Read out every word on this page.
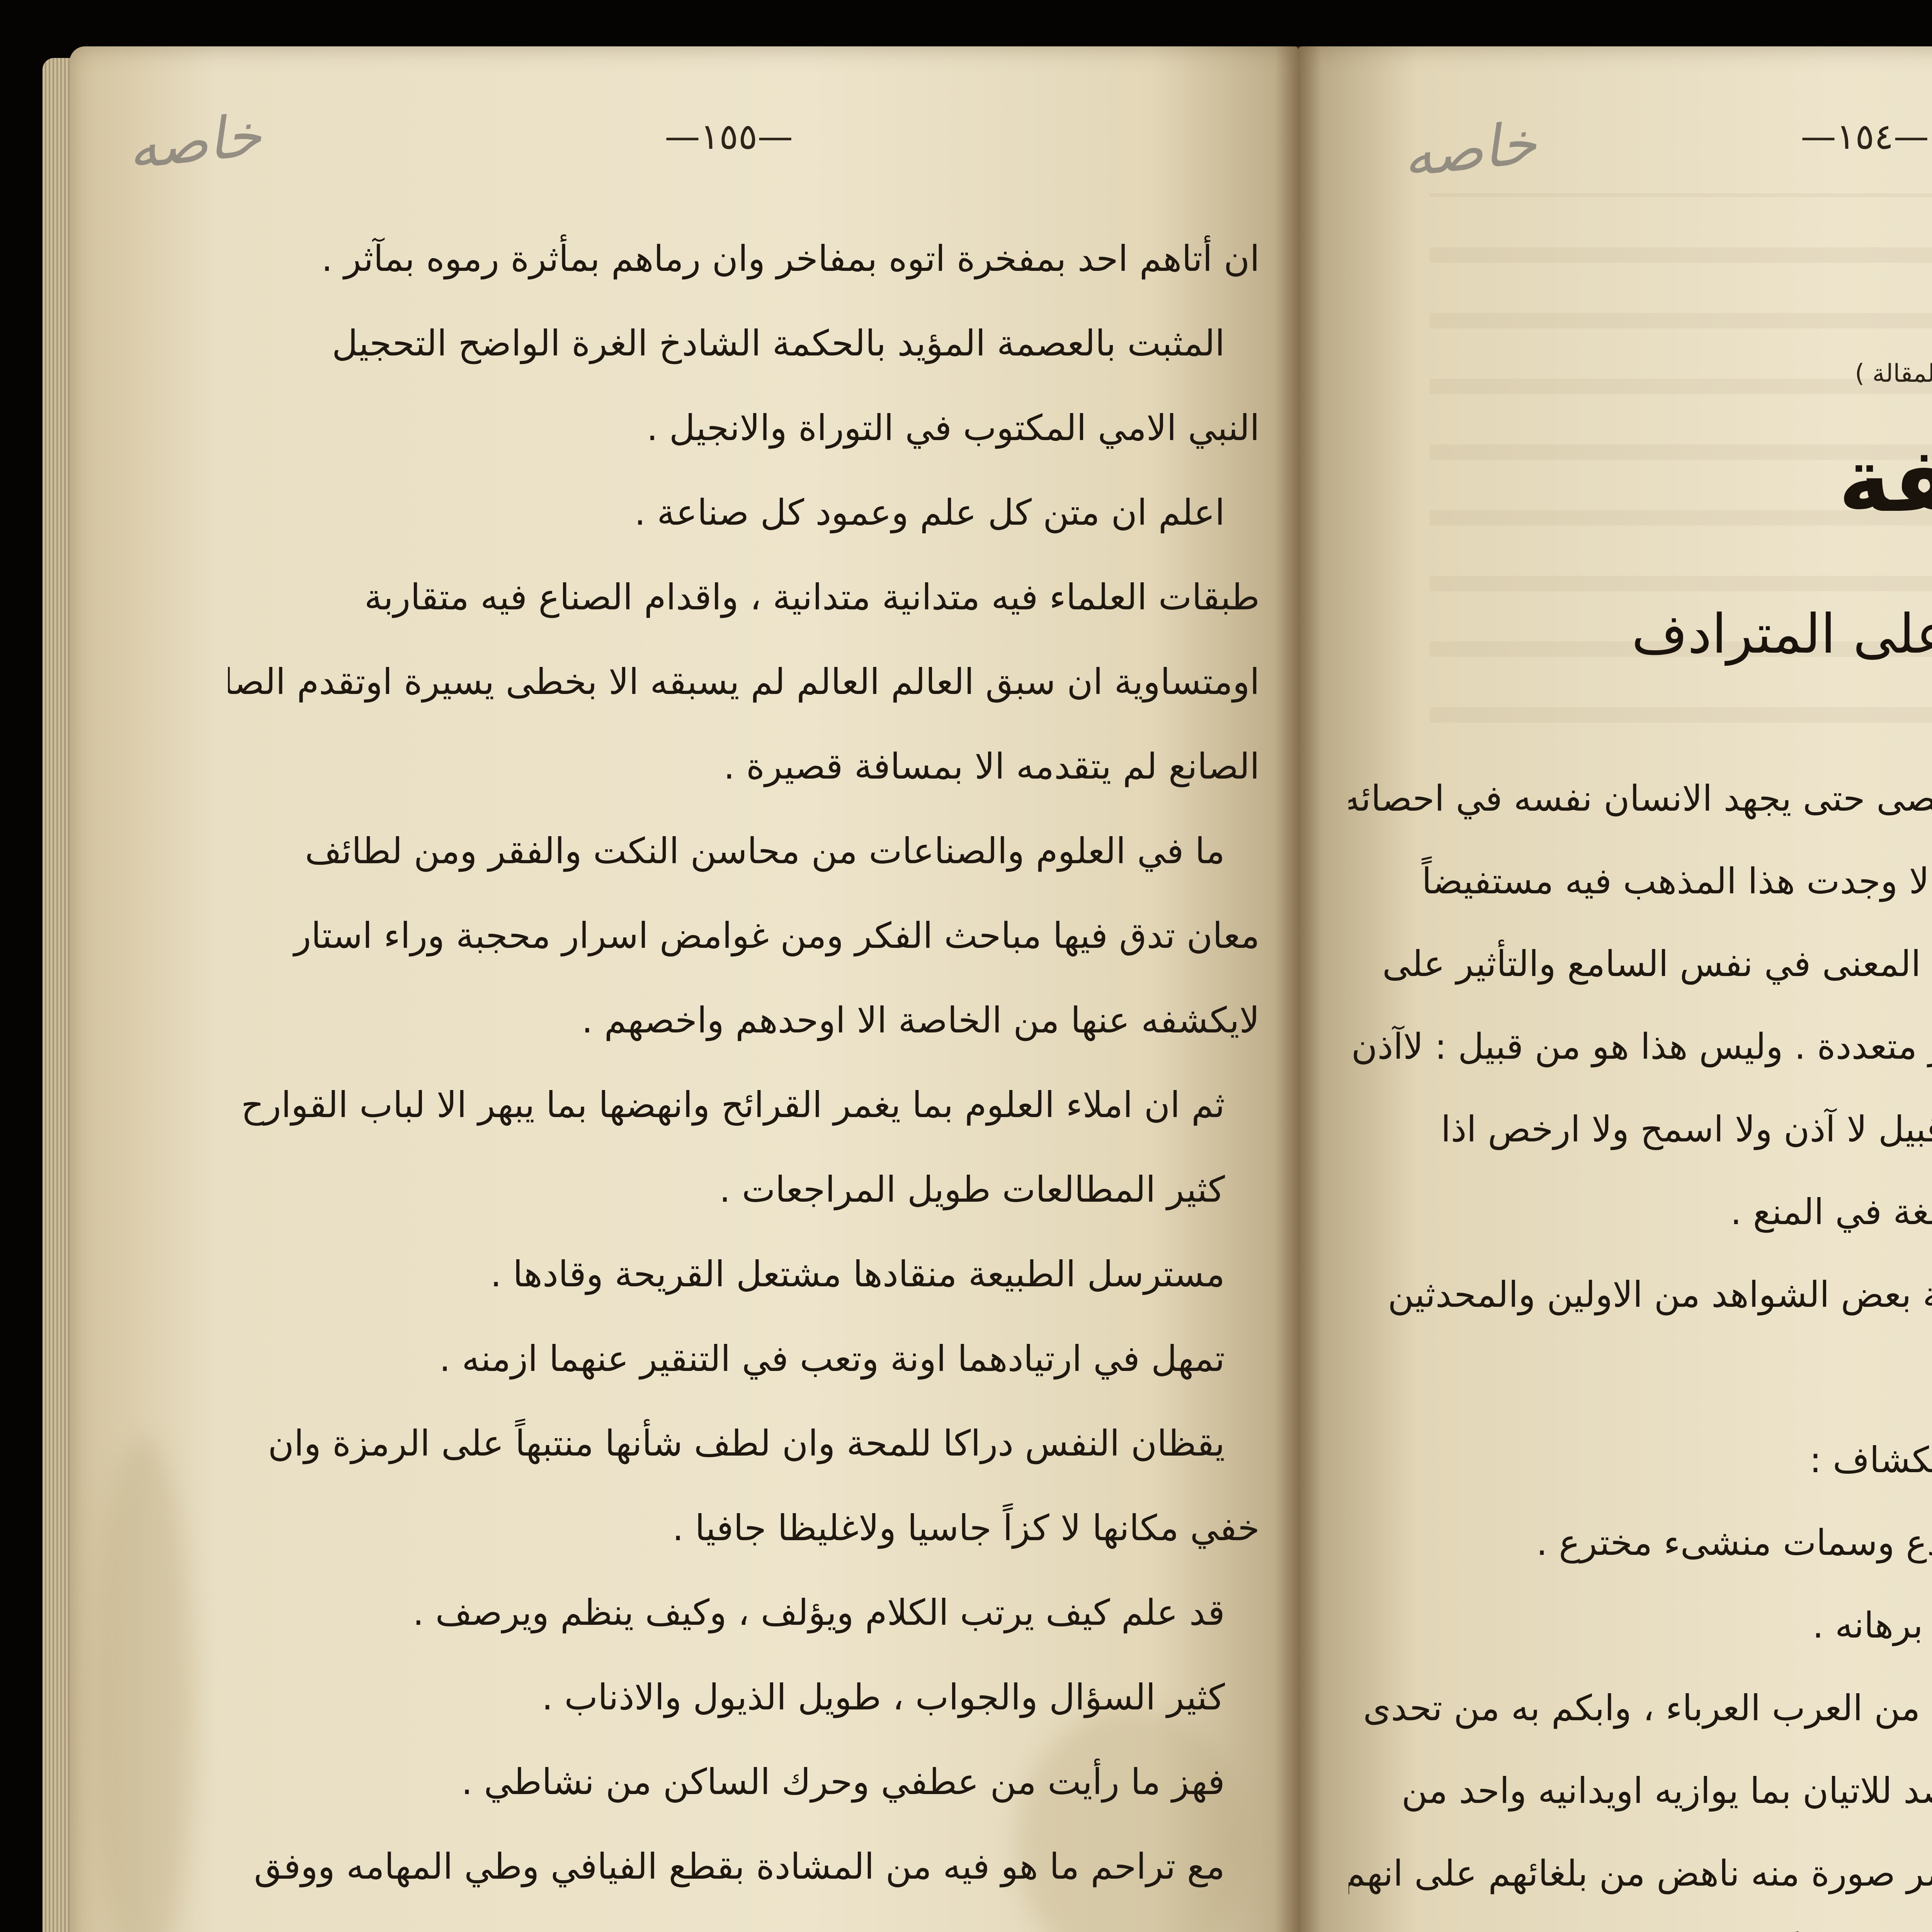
خاصه	—١٥٥—

ان أتاهم احد بمفخرة اتوه بمفاخر وان رماهم بمأثرة رموه بمآثر .

المثبت بالعصمة المؤيد بالحكمة الشادخ الغرة الواضح التحجيل

النبي الامي المكتوب في التوراة والانجيل .

اعلم ان متن كل علم وعمود كل صناعة .

طبقات العلماء فيه متدانية متدانية ، واقدام الصناع فيه متقاربة

اومتساوية ان سبق العالم العالم لم يسبقه الا بخطى يسيرة اوتقدم الصانع

الصانع لم يتقدمه الا بمسافة قصيرة .

ما في العلوم والصناعات من محاسن النكت والفقر ومن لطائف

معان تدق فيها مباحث الفكر ومن غوامض اسرار محجبة وراء استار

لايكشفه عنها من الخاصة الا اوحدهم واخصهم .

ثم ان املاء العلوم بما يغمر القرائح وانهضها بما يبهر الا لباب القوارح

كثير المطالعات طويل المراجعات .

مسترسل الطبيعة منقادها مشتعل القريحة وقادها .

تمهل في ارتيادهما اونة وتعب في التنقير عنهما ازمنه .

يقظان النفس دراكا للمحة وان لطف شأنها منتبهاً على الرمزة وان

خفي مكانها لا كزاً جاسيا ولاغليظا جافيا .

قد علم كيف يرتب الكلام ويؤلف ، وكيف ينظم ويرصف .

كثير السؤال والجواب ، طويل الذيول والاذناب .

فهز ما رأيت من عطفي وحرك الساكن من نشاطي .

مع تراحم ما هو فيه من المشادة بقطع الفيافي وطي المهامه ووفق

خاصه	—١٥٤—
( مقالة
ة
لى المترادف

صى حتى يجهد الانسان نفسه في احصائه

لا وجدت هذا المذهب فيه مستفيضاً

المعنى في نفس السامع والتأثير على

متعددة . وليس هذا هو من قبيل : لاآذن

بيل لا آذن ولا اسمح ولا ارخص اذا

غة في المنع .

بعض الشواهد من الاولين والمحدثين

كشاف :

ع وسمات منشىء مخترع .

برهانه .

من العرب العرباء ، وابكم به من تحدى

د للاتيان بما يوازيه اويدانيه واحد من

ر صورة منه ناهض من بلغائهم على انهم
